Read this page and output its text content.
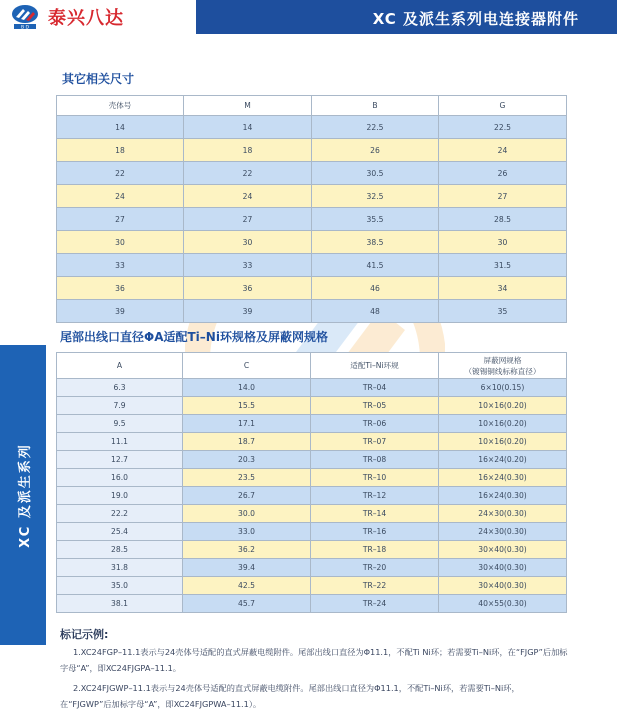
B D 泰兴八达	XC 及派生系列电连接器附件
XC 及派生系列
其它相关尺寸
壳体号	M	B	G
14	14	22.5	22.5
18	18	26	24
22	22	30.5	26
24	24	32.5	27
27	27	35.5	28.5
30	30	38.5	30
33	33	41.5	31.5
36	36	46	34
39	39	48	35
尾部出线口直径ΦA适配Ti–Ni环规格及屏蔽网规格
A	C	适配Ti–Ni环规	屏蔽网规格
（镀锡铜线标称直径）

6.3	14.0	TR–04	6×10(0.15)
7.9	15.5	TR–05	10×16(0.20)
9.5	17.1	TR–06	10×16(0.20)
11.1	18.7	TR–07	10×16(0.20)
12.7	20.3	TR–08	16×24(0.20)
16.0	23.5	TR–10	16×24(0.30)
19.0	26.7	TR–12	16×24(0.30)
22.2	30.0	TR–14	24×30(0.30)
25.4	33.0	TR–16	24×30(0.30)
28.5	36.2	TR–18	30×40(0.30)
31.8	39.4	TR–20	30×40(0.30)
35.0	42.5	TR–22	30×40(0.30)
38.1	45.7	TR–24	40×55(0.30)
标记示例:
1.XC24FGP–11.1表示与24壳体号适配的直式屏蔽电缆附件。尾部出线口直径为Φ11.1，不配Ti Ni环；若需要Ti–Ni环，在“FJGP”后加标字母“A”，即XC24FJGPA–11.1。
2.XC24FJGWP–11.1表示与24壳体号适配的直式屏蔽电缆附件。尾部出线口直径为Φ11.1，不配Ti–Ni环，若需要Ti–Ni环，在“FJGWP”后加标字母“A”，即XC24FJGPWA–11.1）。
